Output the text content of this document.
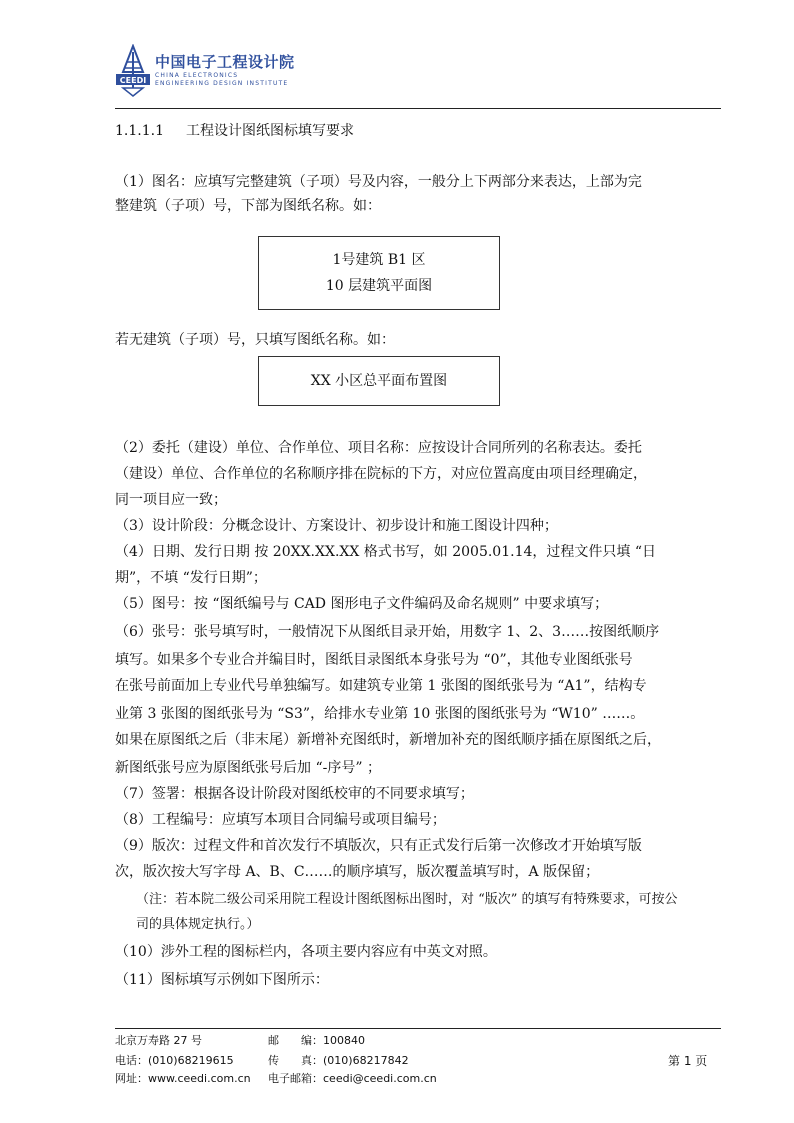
CEEDI
中国电子工程设计院
CHINA ELECTRONICS
ENGINEERING DESIGN INSTITUTE
1.1.1.1 工程设计图纸图标填写要求
（1）图名：应填写完整建筑（子项）号及内容，一般分上下两部分来表达，上部为完
整建筑（子项）号，下部为图纸名称。如：
1号建筑 B1 区
10 层建筑平面图
若无建筑（子项）号，只填写图纸名称。如：
XX 小区总平面布置图
（2）委托（建设）单位、合作单位、项目名称：应按设计合同所列的名称表达。委托
（建设）单位、合作单位的名称顺序排在院标的下方，对应位置高度由项目经理确定，
同一项目应一致；
（3）设计阶段：分概念设计、方案设计、初步设计和施工图设计四种；
（4）日期、发行日期 按 20XX.XX.XX 格式书写，如 2005.01.14，过程文件只填 “日
期”，不填 “发行日期”；
（5）图号：按 “图纸编号与 CAD 图形电子文件编码及命名规则” 中要求填写；
（6）张号：张号填写时，一般情况下从图纸目录开始，用数字 1、2、3……按图纸顺序
填写。如果多个专业合并编目时，图纸目录图纸本身张号为 “0”，其他专业图纸张号
在张号前面加上专业代号单独编写。如建筑专业第 1 张图的图纸张号为 “A1”，结构专
业第 3 张图的图纸张号为 “S3”，给排水专业第 10 张图的图纸张号为 “W10” ……。
如果在原图纸之后（非末尾）新增补充图纸时，新增加补充的图纸顺序插在原图纸之后，
新图纸张号应为原图纸张号后加 “-序号” ；
（7）签署：根据各设计阶段对图纸校审的不同要求填写；
（8）工程编号：应填写本项目合同编号或项目编号；
（9）版次：过程文件和首次发行不填版次，只有正式发行后第一次修改才开始填写版
次，版次按大写字母 A、B、C……的顺序填写，版次覆盖填写时，A 版保留；
（注：若本院二级公司采用院工程设计图纸图标出图时，对 “版次” 的填写有特殊要求，可按公
司的具体规定执行。）
（10）涉外工程的图标栏内，各项主要内容应有中英文对照。
（11）图标填写示例如下图所示：
北京万寿路 27 号	邮　　编：100840
电话：(010)68219615	传　　真：(010)68217842	第 1 页
网址：www.ceedi.com.cn 电子邮箱：ceedi@ceedi.com.cn
